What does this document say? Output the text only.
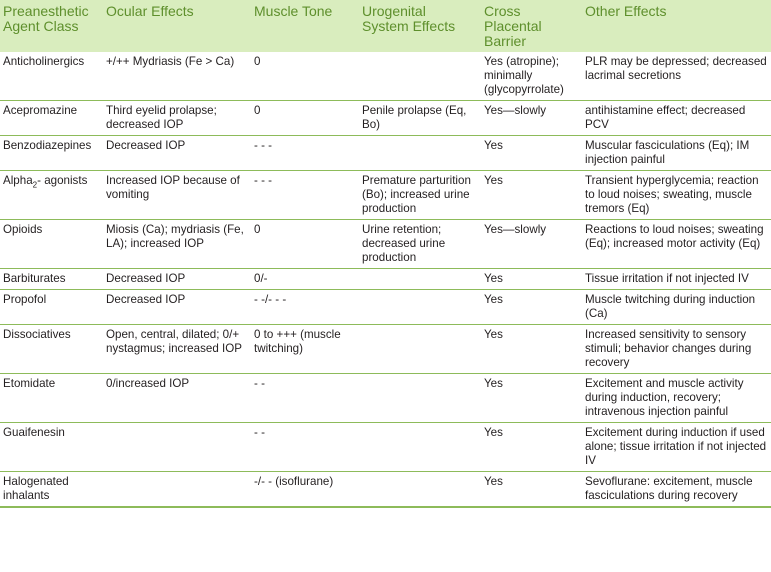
Preanesthetic Agent Class	Ocular Effects	Muscle Tone	Urogenital System Effects	Cross Placental Barrier	Other Effects
Anticholinergics	+/++ Mydriasis (Fe > Ca)	0		Yes (atropine); minimally (glycopyrrolate)	PLR may be depressed; decreased lacrimal secretions
Acepromazine	Third eyelid prolapse; decreased IOP	0	Penile prolapse (Eq, Bo)	Yes—slowly	antihistamine effect; decreased PCV
Benzodiazepines	Decreased IOP	- - -		Yes	Muscular fasciculations (Eq); IM injection painful
Alpha$_2$- agonists	Increased IOP because of vomiting	- - -	Premature parturition (Bo); increased urine production	Yes	Transient hyperglycemia; reaction to loud noises; sweating, muscle tremors (Eq)
Opioids	Miosis (Ca); mydriasis (Fe, LA); increased IOP	0	Urine retention; decreased urine production	Yes—slowly	Reactions to loud noises; sweating (Eq); increased motor activity (Eq)
Barbiturates	Decreased IOP	0/-		Yes	Tissue irritation if not injected IV
Propofol	Decreased IOP	- -/- - -		Yes	Muscle twitching during induction (Ca)
Dissociatives	Open, central, dilated; 0/+ nystagmus; increased IOP	0 to +++ (muscle twitching)		Yes	Increased sensitivity to sensory stimuli; behavior changes during recovery
Etomidate	0/increased IOP	- -		Yes	Excitement and muscle activity during induction, recovery; intravenous injection painful
Guaifenesin		- -		Yes	Excitement during induction if used alone; tissue irritation if not injected IV
Halogenated inhalants		-/- - (isoflurane)		Yes	Sevoflurane: excitement, muscle fasciculations during recovery
